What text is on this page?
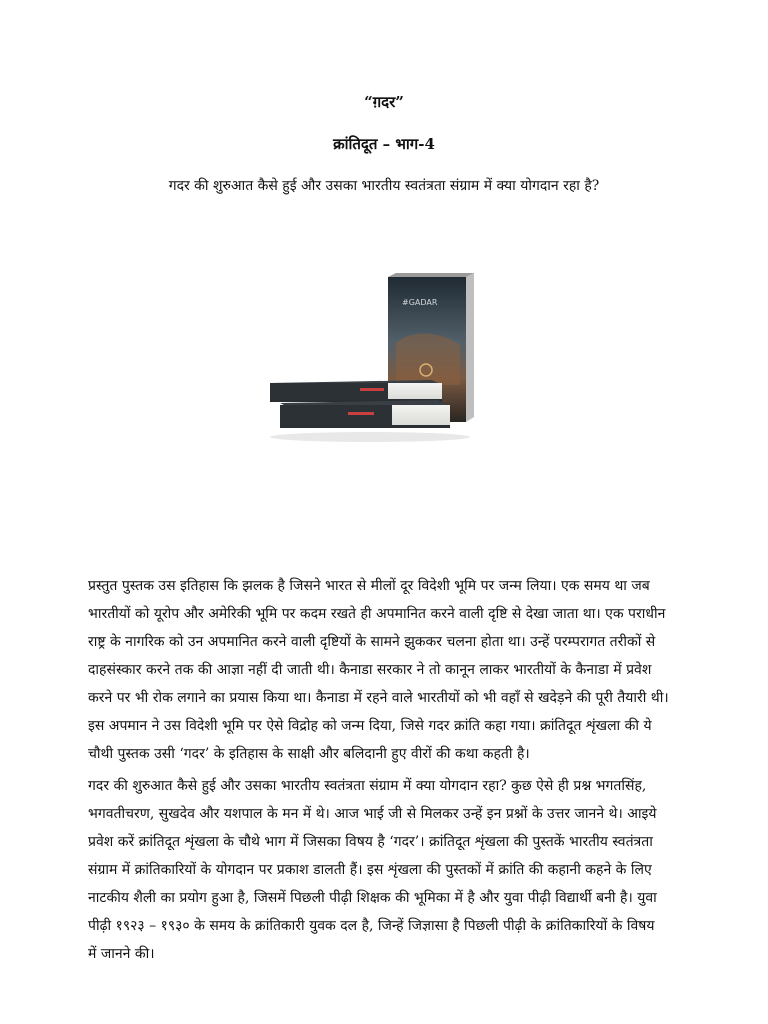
“ग़दर”
क्रांतिदूत – भाग-4
गदर की शुरुआत कैसे हुई और उसका भारतीय स्वतंत्रता संग्राम में क्या योगदान रहा है?
#GADAR
प्रस्तुत पुस्तक उस इतिहास कि झलक है जिसने भारत से मीलों दूर विदेशी भूमि पर जन्म लिया। एक समय था जब
भारतीयों को यूरोप और अमेरिकी भूमि पर कदम रखते ही अपमानित करने वाली दृष्टि से देखा जाता था। एक पराधीन
राष्ट्र के नागरिक को उन अपमानित करने वाली दृष्टियों के सामने झुककर चलना होता था। उन्हें परम्परागत तरीकों से
दाहसंस्कार करने तक की आज्ञा नहीं दी जाती थी। कैनाडा सरकार ने तो कानून लाकर भारतीयों के कैनाडा में प्रवेश
करने पर भी रोक लगाने का प्रयास किया था। कैनाडा में रहने वाले भारतीयों को भी वहाँ से खदेड़ने की पूरी तैयारी थी।
इस अपमान ने उस विदेशी भूमि पर ऐसे विद्रोह को जन्म दिया, जिसे गदर क्रांति कहा गया। क्रांतिदूत शृंखला की ये
चौथी पुस्तक उसी ‘गदर’ के इतिहास के साक्षी और बलिदानी हुए वीरों की कथा कहती है।
गदर की शुरुआत कैसे हुई और उसका भारतीय स्वतंत्रता संग्राम में क्या योगदान रहा? कुछ ऐसे ही प्रश्न भगतसिंह,
भगवतीचरण, सुखदेव और यशपाल के मन में थे। आज भाई जी से मिलकर उन्हें इन प्रश्नों के उत्तर जानने थे। आइये
प्रवेश करें क्रांतिदूत शृंखला के चौथे भाग में जिसका विषय है ‘गदर’। क्रांतिदूत शृंखला की पुस्तकें भारतीय स्वतंत्रता
संग्राम में क्रांतिकारियों के योगदान पर प्रकाश डालती हैं। इस शृंखला की पुस्तकों में क्रांति की कहानी कहने के लिए
नाटकीय शैली का प्रयोग हुआ है, जिसमें पिछली पीढ़ी शिक्षक की भूमिका में है और युवा पीढ़ी विद्यार्थी बनी है। युवा
पीढ़ी १९२३ – १९३० के समय के क्रांतिकारी युवक दल है, जिन्हें जिज्ञासा है पिछली पीढ़ी के क्रांतिकारियों के विषय
में जानने की।
